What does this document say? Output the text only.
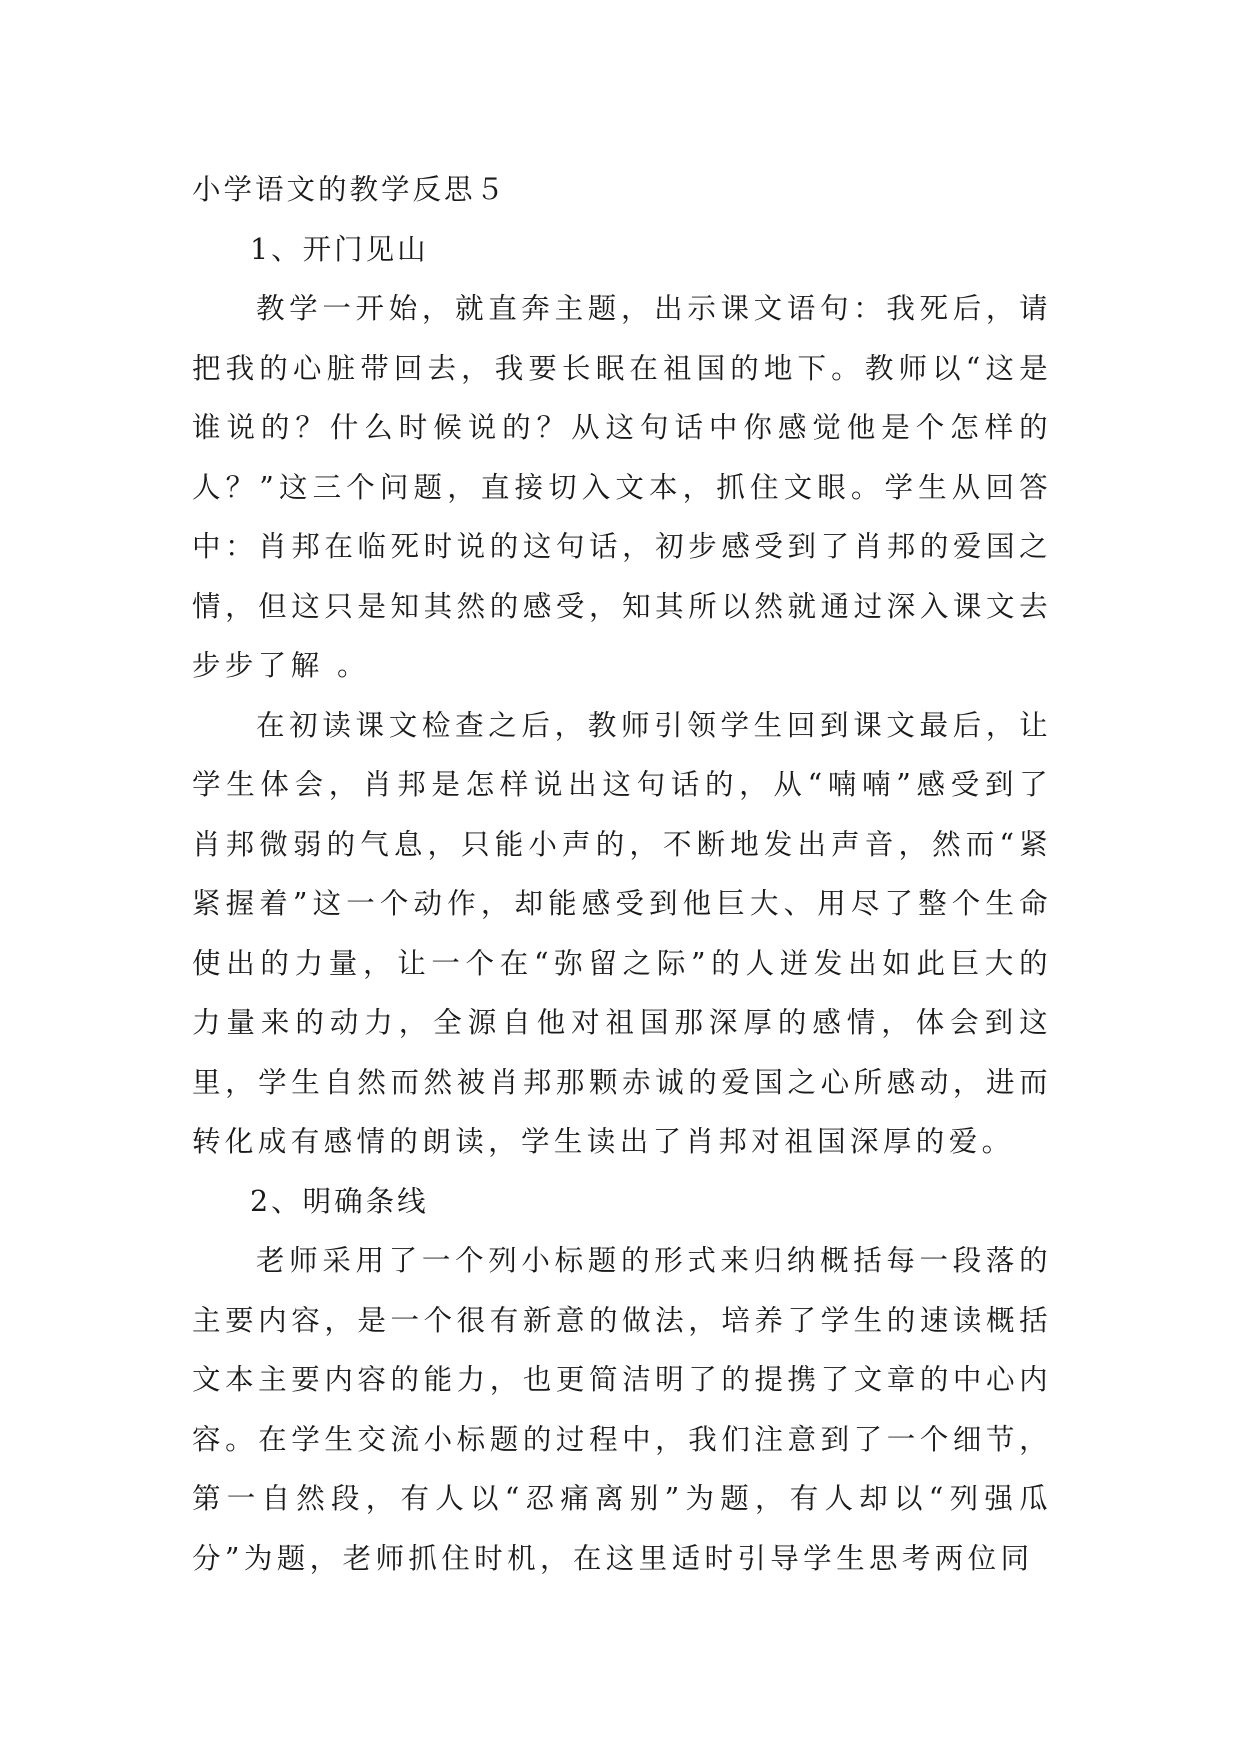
小学语文的教学反思５

1、开门见山

教学一开始，就直奔主题，出示课文语句：我死后，请把我的心脏带回去，我要长眠在祖国的地下。教师以“这是谁说的？什么时候说的？从这句话中你感觉他是个怎样的人？”这三个问题，直接切入文本，抓住文眼。学生从回答中：肖邦在临死时说的这句话，初步感受到了肖邦的爱国之情，但这只是知其然的感受，知其所以然就通过深入课文去步步了解 。

在初读课文检查之后，教师引领学生回到课文最后，让学生体会，肖邦是怎样说出这句话的，从“喃喃”感受到了肖邦微弱的气息，只能小声的，不断地发出声音，然而“紧紧握着”这一个动作，却能感受到他巨大、用尽了整个生命使出的力量，让一个在“弥留之际”的人迸发出如此巨大的力量来的动力，全源自他对祖国那深厚的感情，体会到这里，学生自然而然被肖邦那颗赤诚的爱国之心所感动，进而转化成有感情的朗读，学生读出了肖邦对祖国深厚的爱。

2、明确条线

老师采用了一个列小标题的形式来归纳概括每一段落的主要内容，是一个很有新意的做法，培养了学生的速读概括文本主要内容的能力，也更简洁明了的提携了文章的中心内容。在学生交流小标题的过程中，我们注意到了一个细节，第一自然段，有人以“忍痛离别”为题，有人却以“列强瓜分”为题，老师抓住时机，在这里适时引导学生思考两位同
